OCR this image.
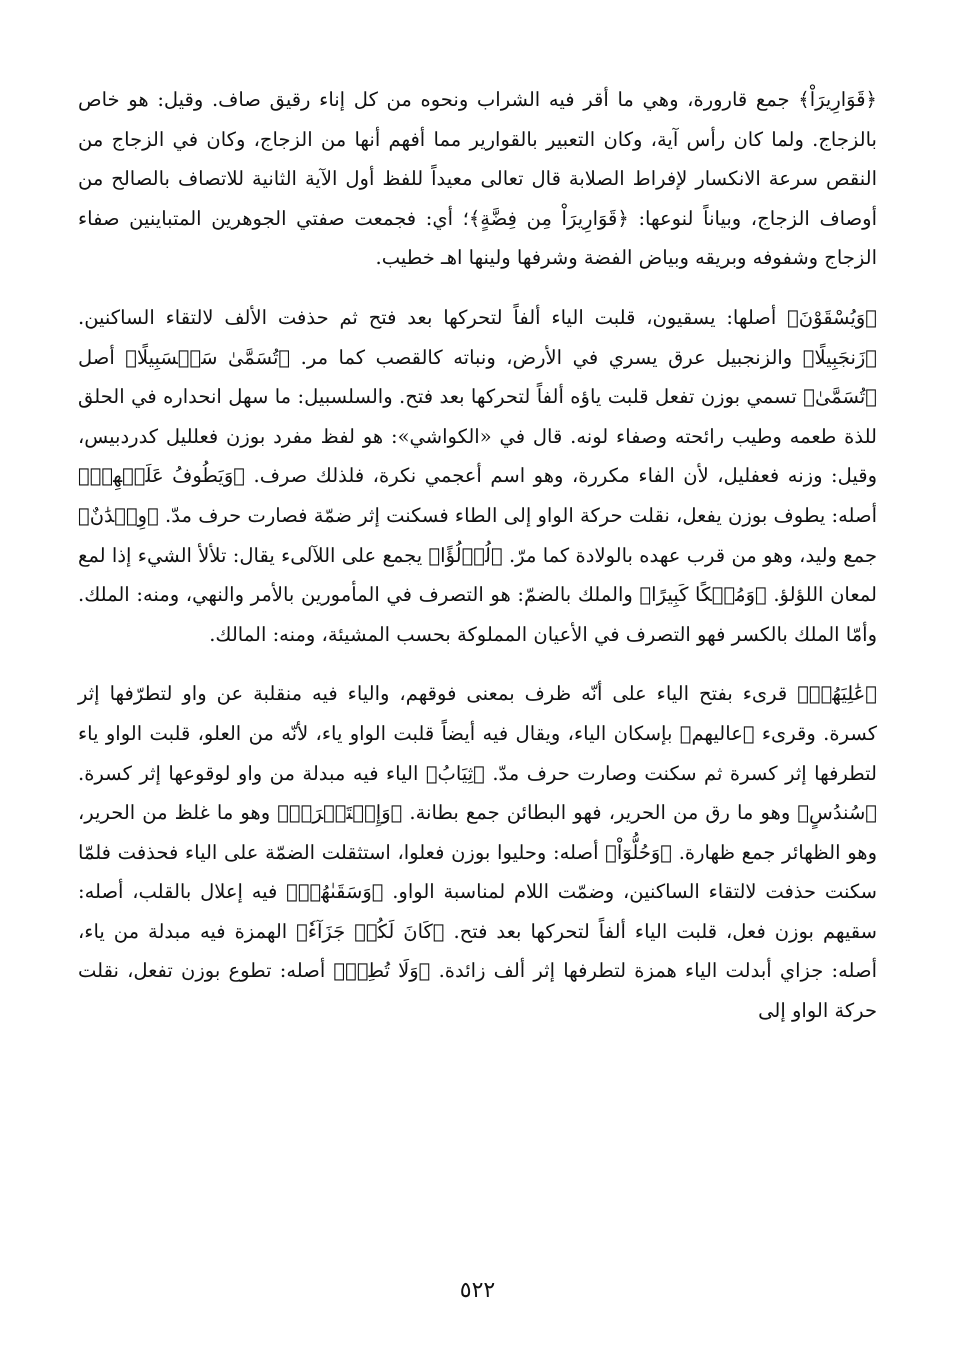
﴿قَوَارِيرَاْ﴾ جمع قارورة، وهي ما أقر فيه الشراب ونحوه من كل إناء رقيق صاف. وقيل: هو خاص بالزجاج. ولما كان رأس آية، وكان التعبير بالقوارير مما أفهم أنها من الزجاج، وكان في الزجاج من النقص سرعة الانكسار لإفراط الصلابة قال تعالى معيداً للفظ أول الآية الثانية للاتصاف بالصالح من أوصاف الزجاج، وبياناً لنوعها: ﴿قَوَارِيرَاْ مِن فِضَّةٍ﴾؛ أي: فجمعت صفتي الجوهرين المتباينين صفاء الزجاج وشفوفه وبريقه وبياض الفضة وشرفها ولينها اهـ خطيب.

﴿وَيُسْقَوْنَ﴾ أصلها: يسقيون، قلبت الياء ألفاً لتحركها بعد فتح ثم حذفت الألف لالتقاء الساكنين. ﴿زَنجَبِيلًا﴾ والزنجبيل عرق يسري في الأرض، ونباته كالقصب كما مر. ﴿تُسَمَّىٰ سَلۡسَبِيلًا﴾ أصل ﴿تُسَمَّىٰ﴾ تسمي بوزن تفعل قلبت ياؤه ألفاً لتحركها بعد فتح. والسلسبيل: ما سهل انحداره في الحلق للذة طعمه وطيب رائحته وصفاء لونه. قال في «الكواشي»: هو لفظ مفرد بوزن فعلليل كدردبيس، وقيل: وزنه فعفليل، لأن الفاء مكررة، وهو اسم أعجمي نكرة، فلذلك صرف. ﴿وَيَطُوفُ عَلَيۡهِمۡ﴾ أصله: يطوف بوزن يفعل، نقلت حركة الواو إلى الطاء فسكنت إثر ضمّة فصارت حرف مدّ. ﴿وِلۡدَٰنٌ﴾ جمع وليد، وهو من قرب عهده بالولادة كما مرّ. ﴿لُؤۡلُؤًا﴾ يجمع على اللآلىء يقال: تلألأ الشيء إذا لمع لمعان اللؤلؤ. ﴿وَمُلۡكًا كَبِيرًا﴾ والملك بالضمّ: هو التصرف في المأمورين بالأمر والنهي، ومنه: الملك. وأمّا الملك بالكسر فهو التصرف في الأعيان المملوكة بحسب المشيئة، ومنه: المالك.

﴿عَٰلِيَهُمۡ﴾ قرىء بفتح الياء على أنّه ظرف بمعنى فوقهم، والياء فيه منقلبة عن واو لتطرّفها إثر كسرة. وقرىء ﴿عاليهم﴾ بإسكان الياء، ويقال فيه أيضاً قلبت الواو ياء، لأنّه من العلو، قلبت الواو ياء لتطرفها إثر كسرة ثم سكنت وصارت حرف مدّ. ﴿ثِيَابُ﴾ الياء فيه مبدلة من واو لوقوعها إثر كسرة. ﴿سُندُسٍ﴾ وهو ما رق من الحرير، فهو البطائن جمع بطانة. ﴿وَإِسۡتَبۡرَقٞ﴾ وهو ما غلظ من الحرير، وهو الظهائر جمع ظهارة. ﴿وَحُلُّوٓاْ﴾ أصله: وحليوا بوزن فعلوا، استثقلت الضمّة على الياء فحذفت فلمّا سكنت حذفت لالتقاء الساكنين، وضمّت اللام لمناسبة الواو. ﴿وَسَقَىٰهُمۡ﴾ فيه إعلال بالقلب، أصله: سقيهم بوزن فعل، قلبت الياء ألفاً لتحركها بعد فتح. ﴿كَانَ لَكُمۡ جَزَآءٗ﴾ الهمزة فيه مبدلة من ياء، أصله: جزاي أبدلت الياء همزة لتطرفها إثر ألف زائدة. ﴿وَلَا تُطِعۡ﴾ أصله: تطوع بوزن تفعل، نقلت حركة الواو إلى

٥٢٢
